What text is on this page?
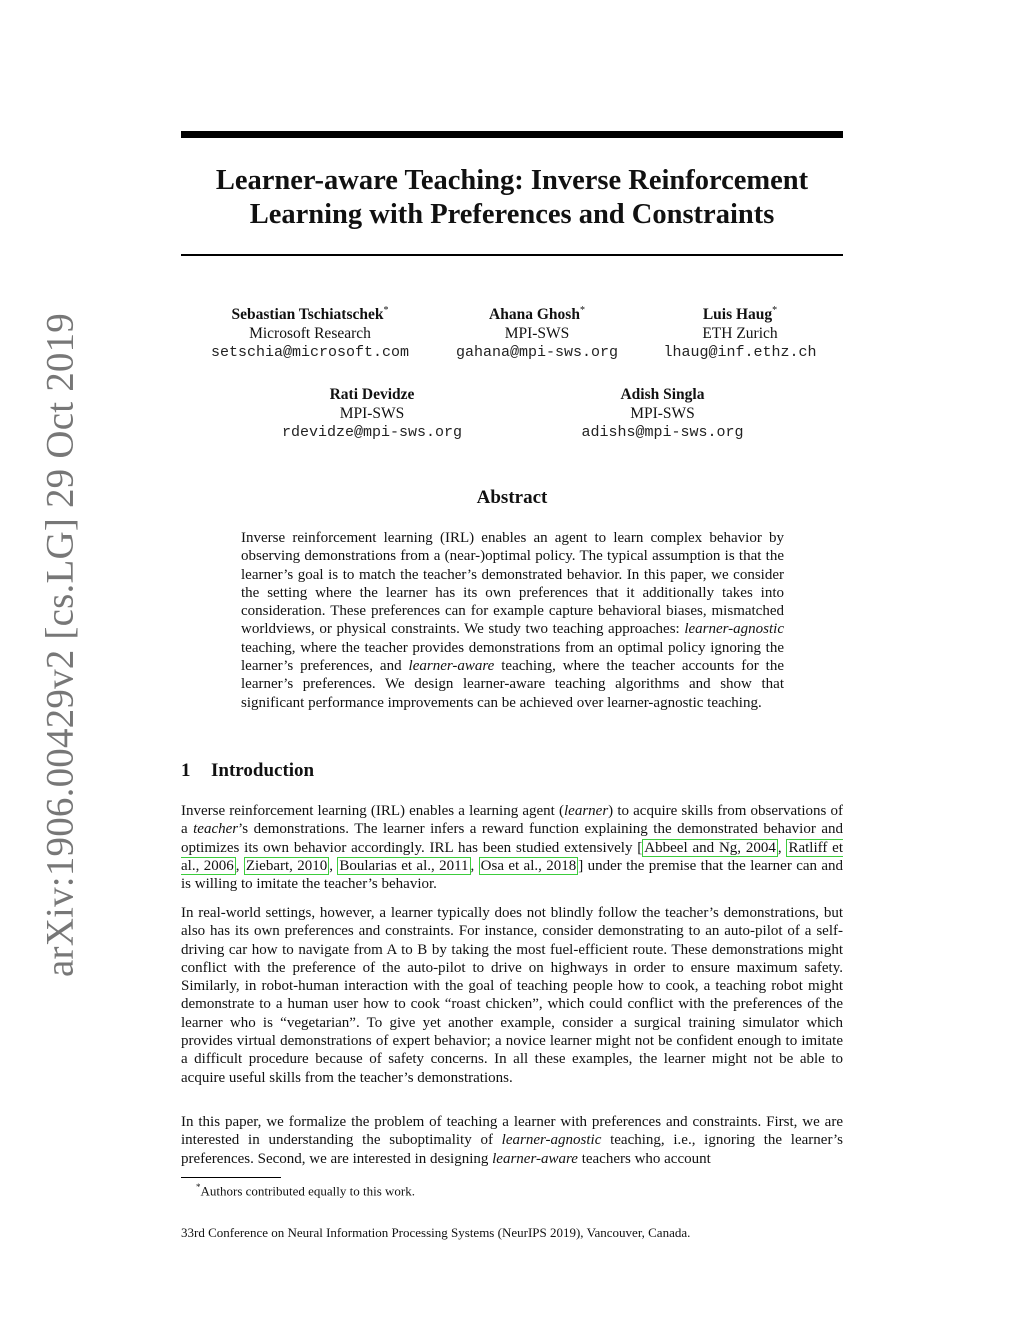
arXiv:1906.00429v2 [cs.LG] 29 Oct 2019
Learner-aware Teaching: Inverse Reinforcement
Learning with Preferences and Constraints
Sebastian Tschiatschek*
Microsoft Research
setschia@microsoft.com
Ahana Ghosh*
MPI-SWS
gahana@mpi-sws.org
Luis Haug*
ETH Zurich
lhaug@inf.ethz.ch
Rati Devidze
MPI-SWS
rdevidze@mpi-sws.org
Adish Singla
MPI-SWS
adishs@mpi-sws.org
Abstract

Inverse reinforcement learning (IRL) enables an agent to learn complex behavior by observing demonstrations from a (near-)optimal policy. The typical assumption is that the learner’s goal is to match the teacher’s demonstrated behavior. In this paper, we consider the setting where the learner has its own preferences that it additionally takes into consideration. These preferences can for example capture behavioral biases, mismatched worldviews, or physical constraints. We study two teaching approaches: learner-agnostic teaching, where the teacher provides demonstrations from an optimal policy ignoring the learner’s preferences, and learner-aware teaching, where the teacher accounts for the learner’s preferences. We design learner-aware teaching algorithms and show that significant performance improvements can be achieved over learner-agnostic teaching.

1 Introduction

Inverse reinforcement learning (IRL) enables a learning agent (learner) to acquire skills from observations of a teacher’s demonstrations. The learner infers a reward function explaining the demonstrated behavior and optimizes its own behavior accordingly. IRL has been studied extensively [ Abbeel and Ng, 2004 , Ratliff et al., 2006 , Ziebart, 2010 , Boularias et al., 2011 , Osa et al., 2018 ] under the premise that the learner can and is willing to imitate the teacher’s behavior.

In real-world settings, however, a learner typically does not blindly follow the teacher’s demonstrations, but also has its own preferences and constraints. For instance, consider demonstrating to an auto-pilot of a self-driving car how to navigate from A to B by taking the most fuel-efficient route. These demonstrations might conflict with the preference of the auto-pilot to drive on highways in order to ensure maximum safety. Similarly, in robot-human interaction with the goal of teaching people how to cook, a teaching robot might demonstrate to a human user how to cook “roast chicken”, which could conflict with the preferences of the learner who is “vegetarian”. To give yet another example, consider a surgical training simulator which provides virtual demonstrations of expert behavior; a novice learner might not be confident enough to imitate a difficult procedure because of safety concerns. In all these examples, the learner might not be able to acquire useful skills from the teacher’s demonstrations.

In this paper, we formalize the problem of teaching a learner with preferences and constraints. First, we are interested in understanding the suboptimality of learner-agnostic teaching, i.e., ignoring the learner’s preferences. Second, we are interested in designing learner-aware teachers who account

*Authors contributed equally to this work.
33rd Conference on Neural Information Processing Systems (NeurIPS 2019), Vancouver, Canada.
